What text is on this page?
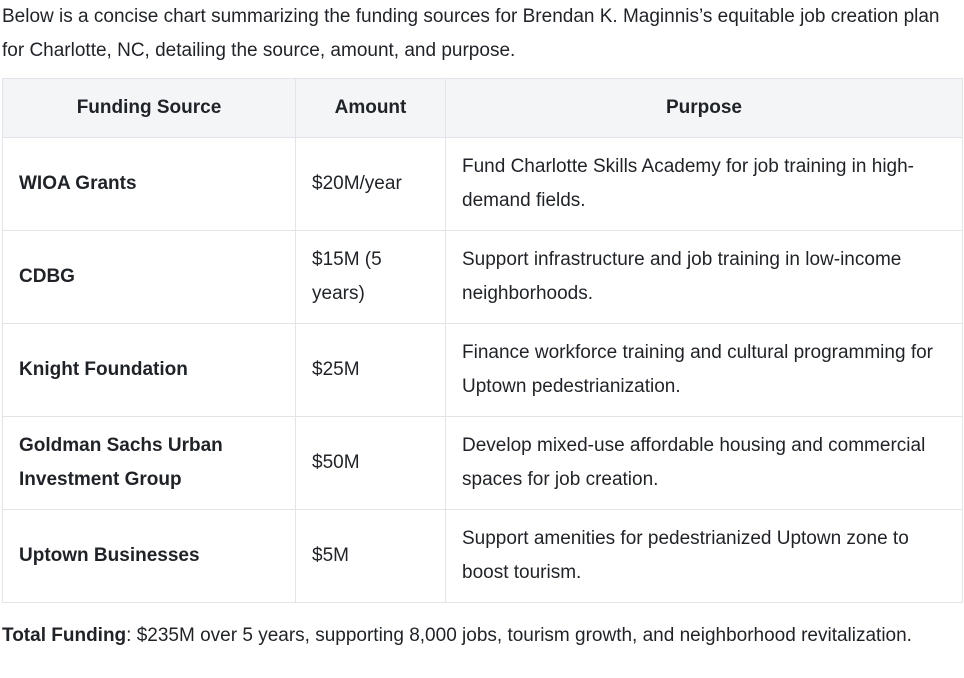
Below is a concise chart summarizing the funding sources for Brendan K. Maginnis’s equitable job creation plan for Charlotte, NC, detailing the source, amount, and purpose.

Funding Source	Amount	Purpose
WIOA Grants	$20M/year	Fund Charlotte Skills Academy for job training in high-demand fields.
CDBG	$15M (5 years)	Support infrastructure and job training in low-income neighborhoods.
Knight Foundation	$25M	Finance workforce training and cultural programming for Uptown pedestrianization.
Goldman Sachs Urban Investment Group	$50M	Develop mixed-use affordable housing and commercial spaces for job creation.
Uptown Businesses	$5M	Support amenities for pedestrianized Uptown zone to boost tourism.

Total Funding: $235M over 5 years, supporting 8,000 jobs, tourism growth, and neighborhood revitalization.
